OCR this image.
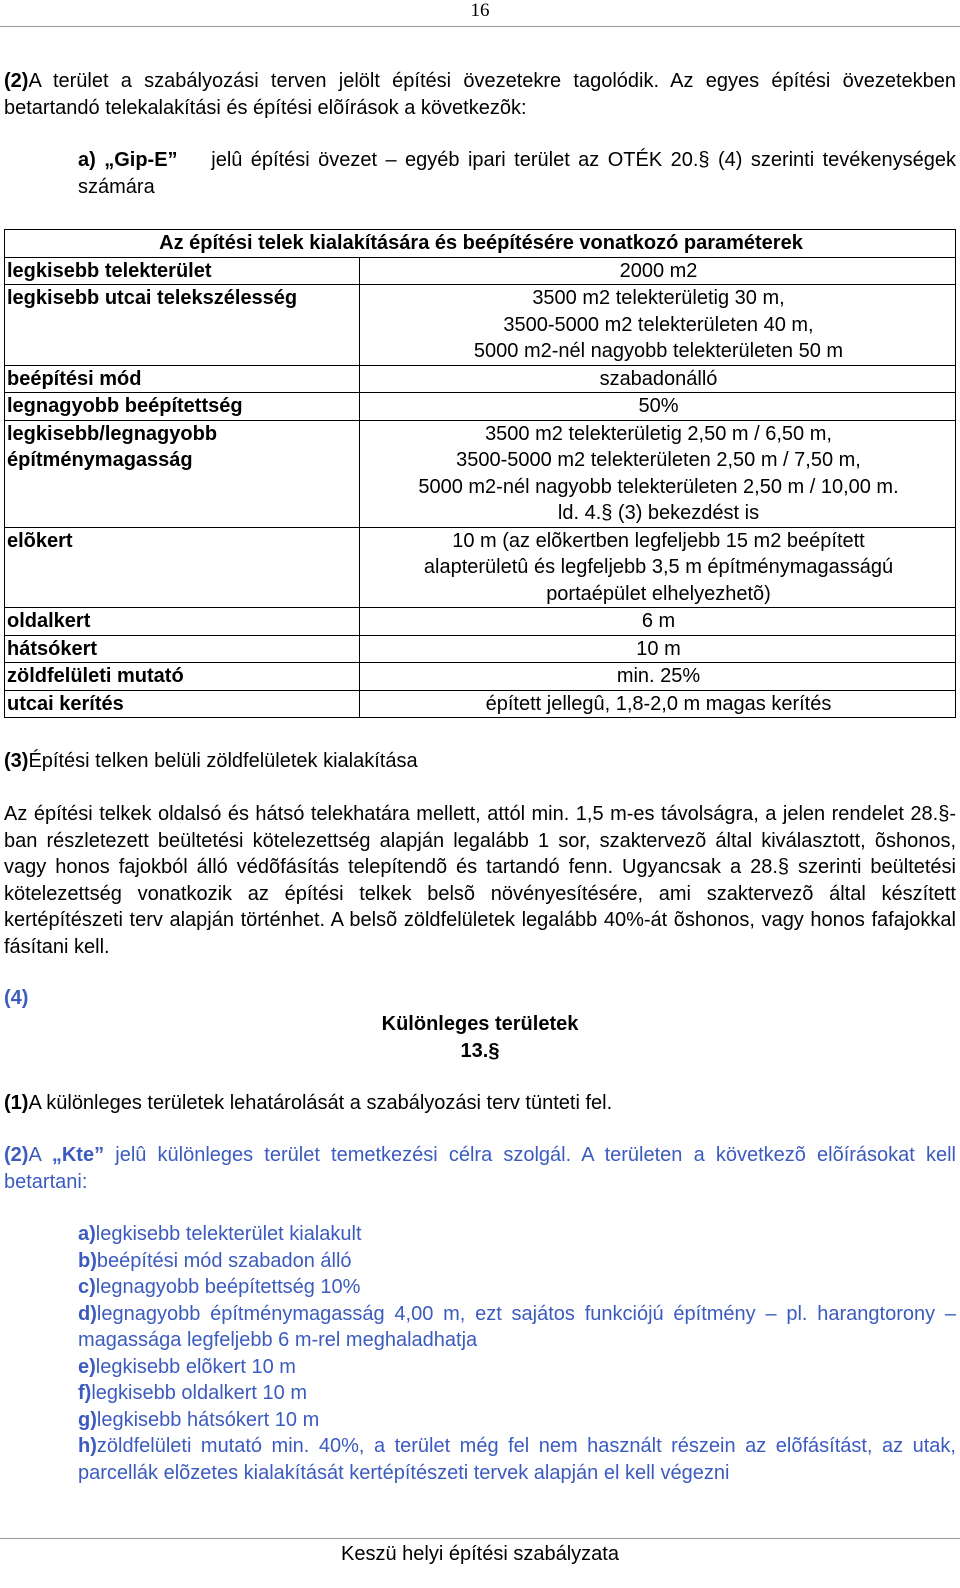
16
(2)A terület a szabályozási terven jelölt építési övezetekre tagolódik. Az egyes építési övezetekben betartandó telekalakítási és építési elõírások a következõk:
a) „Gip-E” jelû építési övezet – egyéb ipari terület az OTÉK 20.§ (4) szerinti tevékenységek számára
Az építési telek kialakítására és beépítésére vonatkozó paraméterek	
legkisebb telekterület	2000 m2

legkisebb utcai telekszélesség	3500 m2 telekterületig 30 m,
3500-5000 m2 telekterületen 40 m,
5000 m2-nél nagyobb telekterületen 50 m

beépítési mód	szabadonálló

legnagyobb beépítettség	50%

legkisebb/legnagyobb építménymagasság	3500 m2 telekterületig 2,50 m / 6,50 m,
3500-5000 m2 telekterületen 2,50 m / 7,50 m,
5000 m2-nél nagyobb telekterületen 2,50 m / 10,00 m.
ld. 4.§ (3) bekezdést is

elõkert	10 m (az elõkertben legfeljebb 15 m2 beépített
alapterületû és legfeljebb 3,5 m építménymagasságú
portaépület elhelyezhetõ)

oldalkert	6 m

hátsókert	10 m

zöldfelületi mutató	min. 25%

utcai kerítés	épített jellegû, 1,8-2,0 m magas kerítés
(3)Építési telken belüli zöldfelületek kialakítása
Az építési telkek oldalsó és hátsó telekhatára mellett, attól min. 1,5 m-es távolságra, a jelen rendelet 28.§-ban részletezett beültetési kötelezettség alapján legalább 1 sor, szaktervezõ által kiválasztott, õshonos, vagy honos fajokból álló védõfásítás telepítendõ és tartandó fenn. Ugyancsak a 28.§ szerinti beültetési kötelezettség vonatkozik az építési telkek belsõ növényesítésére, ami szaktervezõ által készített kertépítészeti terv alapján történhet. A belsõ zöldfelületek legalább 40%-át õshonos, vagy honos fafajokkal fásítani kell.
(4)
Különleges területek
13.§
(1)A különleges területek lehatárolását a szabályozási terv tünteti fel.
(2)A „Kte” jelû különleges terület temetkezési célra szolgál. A területen a következõ elõírásokat kell betartani:
a)legkisebb telekterület kialakult
b)beépítési mód szabadon álló
c)legnagyobb beépítettség 10%
d)legnagyobb építménymagasság 4,00 m, ezt sajátos funkciójú építmény – pl. harangtorony – magassága legfeljebb 6 m-rel meghaladhatja
e)legkisebb elõkert 10 m
f)legkisebb oldalkert 10 m
g)legkisebb hátsókert 10 m
h)zöldfelületi mutató min. 40%, a terület még fel nem használt részein az elõfásítást, az utak, parcellák elõzetes kialakítását kertépítészeti tervek alapján el kell végezni
Keszü helyi építési szabályzata
